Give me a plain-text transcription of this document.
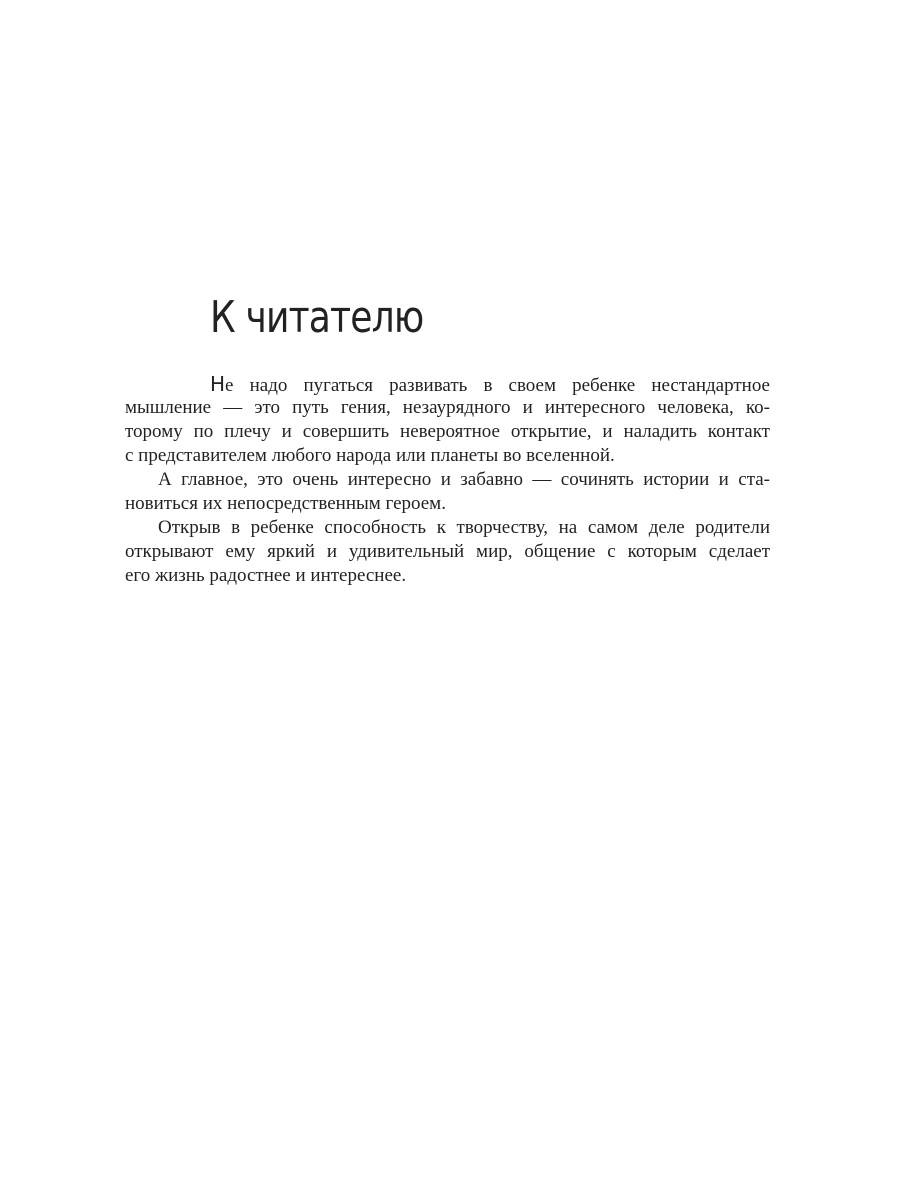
К читателю
Не надо пугаться развивать в своем ребенке нестандартное
мышление — это путь гения, незаурядного и интересного человека, ко-
торому по плечу и совершить невероятное открытие, и наладить контакт
с представителем любого народа или планеты во вселенной.
А главное, это очень интересно и забавно — сочинять истории и ста-
новиться их непосредственным героем.
Открыв в ребенке способность к творчеству, на самом деле родители
открывают ему яркий и удивительный мир, общение с которым сделает
его жизнь радостнее и интереснее.
